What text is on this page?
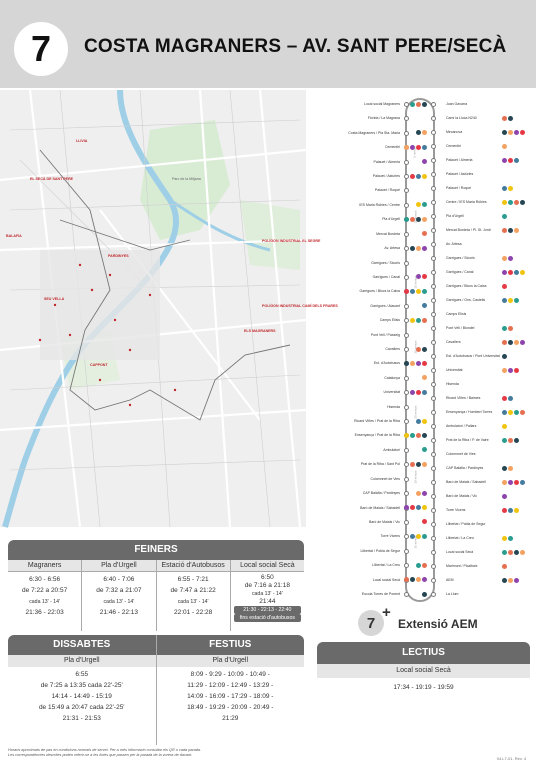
7 COSTA MAGRANERS – AV. SANT PERE/SECÀ
LLIVIA
EL SECÀ DE SANT PERE
PARDINYES
BALAFIA
POLÍGON INDUSTRIAL EL SEGRE
POLÍGON INDUSTRIAL CAMÍ DELS FRARES
ELS MAGRANERS
SEU VELLA
CAPPONT
Parc de la Mitjana
Local social Magraners
Florida / La Magrana
Costa Magraners / Pla Sta. Maria
Cementiri
Palauet / Almeria
Palauet / Astúries
Palauet / Roqué
IES Maria Rúbies / Centre
Pla d'Urgell
Mercat Bordeta
Av. Artesa
Garrigues / Sicoris
Garrigues / Canal
Garrigues / Blocs la Caixa
Garrigues / Alacant
Camps Elisis
Pont Vell / Passeig
Cavallers
Est. d'Autobusos
Catalunya
Universitat
Hisenda
Ricard Viñes / Prat de la Riba
Ensenyança / Prat de la Riba
Ambulatori
Prat de la Riba / Sant Pol
Colomnnet de Vies
CAP Balàfia / Pardinyes
Baró de Maials / Sabadell
Baró de Maials / Vic
Torre Vicens
Llibertat / Pobla de Segur
Llibertat / La Creu
Local social Secà
Escola Torres de Ponent
Joan Gavarra
Camí la Lluca N240
Mecanova
Cementiri
Palauet / Almeria
Palauet / Astúries
Palauet / Roqué
Centre / IES Maria Rúbies
Pla d'Urgell
Mercat Bordeta / Pl. St. Jordi
Av. Artesa
Garrigues / Sicoris
Garrigues / Canal
Garrigues / Blocs la Caixa
Garrigues / Ons. Castells
Camps Elisis
Pont Vell / Blondel
Cavallers
Est. d'Autobusos / Pont Universitat
Universitat
Hisenda
Ricard Viñes / Balmes
Ensenyança / Humbert Torres
Ambulatori / Pallars
Prat de la Riba / P. de Vaire
Colomnnet de Vies
CAP Balàfia / Pardinyes
Baró de Maials / Sabadell
Baró de Maials / Vic
Torre Vicens
Llibertat / Pobla de Segur
Llibertat / La Creu
Local social Secà
Marimunt / Picalbaix
AEM
La Llum
5 minuts
10 minuts
15 minuts
20 minuts
25 minuts
30 minuts
35 minuts
7
+
Extensió AEM
FEINERS
Magraners
6:30 - 6:56
de 7:22 a 20:57
cada 13' - 14'
21:36 - 22:03
Pla d'Urgell
6:40 - 7:06
de 7:32 a 21:07
cada 13' - 14'
21:46 - 22:13
Estació d'Autobusos
6:55 - 7:21
de 7:47 a 21:22
cada 13' - 14'
22:01 - 22:28
Local social Secà
6:50
de 7:16 a 21:18
cada 13' - 14'
21:44
21:30 - 22:13 - 22:40
fins estació d'autobusos
DISSABTES
Pla d'Urgell
6:55
de 7:25 a 13:35 cada 22'-25'
14:14 - 14:49 - 15:19
de 15:49 a 20:47 cada 22'-25'
21:31 - 21:53
FESTIUS
Pla d'Urgell
8:09 - 9:29 - 10:09 - 10:49 -
11:29 - 12:09 - 12:49 - 13:29 -
14:09 - 16:09 - 17:29 - 18:09 -
18:49 - 19:29 - 20:09 - 20:49 -
21:29
LECTIUS
Local social Secà
17:34 - 19:19 - 19:59
Horaris aproximats de pas en condicions normals de servei. Per a més informació consultar els QR o cada parada.
Les correspondències descrites poden referir-se a les línies que passen per la parada de la vorera de davant.
04.L7-01. Rev. 4
